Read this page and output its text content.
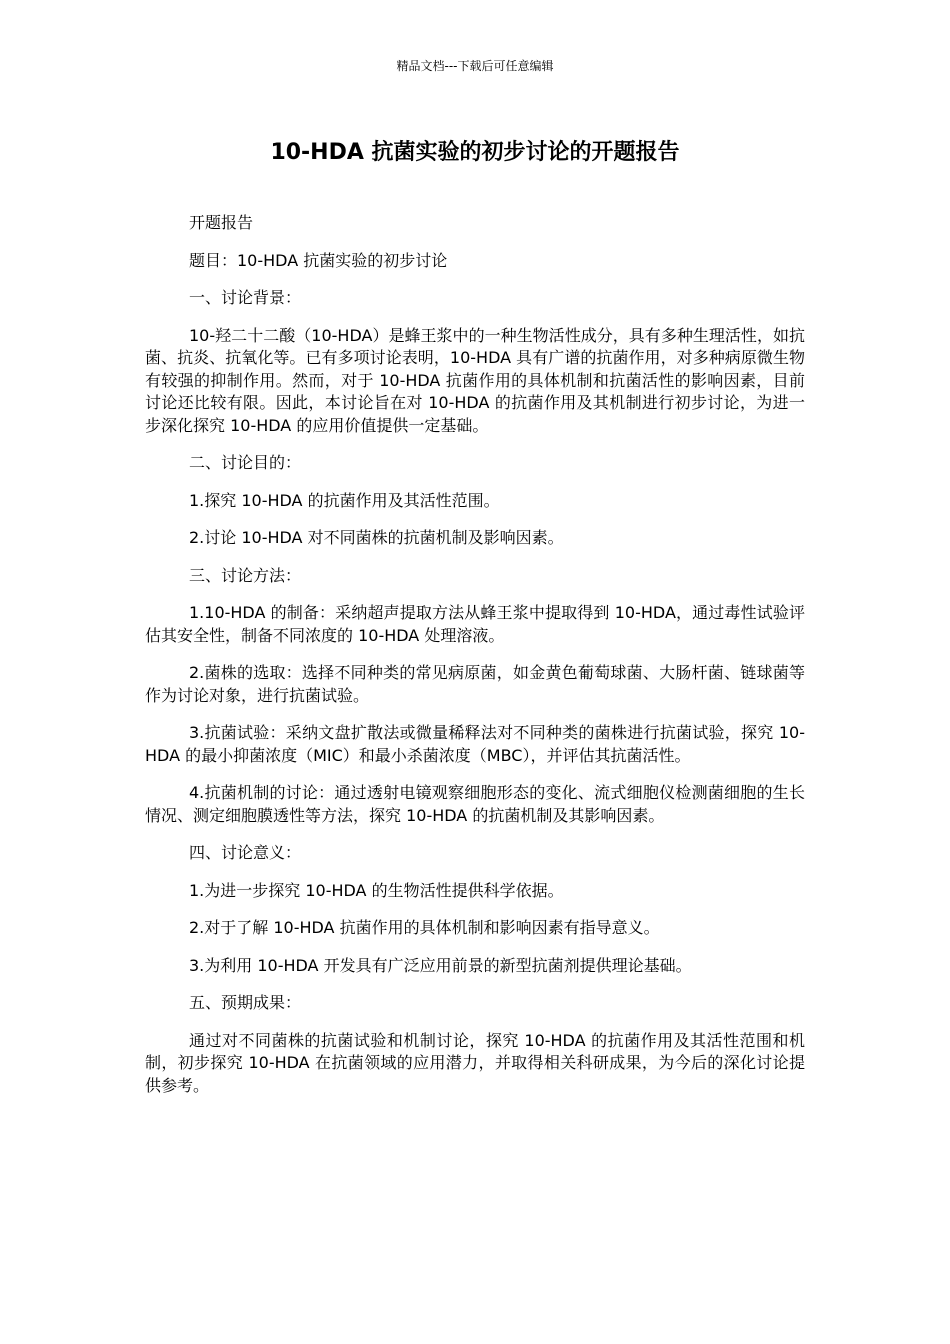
精品文档---下载后可任意编辑
10-HDA 抗菌实验的初步讨论的开题报告

开题报告

题目：10-HDA 抗菌实验的初步讨论

一、讨论背景：

10-羟二十二酸（10-HDA）是蜂王浆中的一种生物活性成分，具有多种生理活性，如抗菌、抗炎、抗氧化等。已有多项讨论表明，10-HDA 具有广谱的抗菌作用，对多种病原微生物有较强的抑制作用。然而，对于 10-HDA 抗菌作用的具体机制和抗菌活性的影响因素，目前讨论还比较有限。因此，本讨论旨在对 10-HDA 的抗菌作用及其机制进行初步讨论，为进一步深化探究 10-HDA 的应用价值提供一定基础。

二、讨论目的：

1.探究 10-HDA 的抗菌作用及其活性范围。

2.讨论 10-HDA 对不同菌株的抗菌机制及影响因素。

三、讨论方法：

1.10-HDA 的制备：采纳超声提取方法从蜂王浆中提取得到 10-HDA，通过毒性试验评估其安全性，制备不同浓度的 10-HDA 处理溶液。

2.菌株的选取：选择不同种类的常见病原菌，如金黄色葡萄球菌、大肠杆菌、链球菌等作为讨论对象，进行抗菌试验。

3.抗菌试验：采纳文盘扩散法或微量稀释法对不同种类的菌株进行抗菌试验，探究 10-HDA 的最小抑菌浓度（MIC）和最小杀菌浓度（MBC），并评估其抗菌活性。

4.抗菌机制的讨论：通过透射电镜观察细胞形态的变化、流式细胞仪检测菌细胞的生长情况、测定细胞膜透性等方法，探究 10-HDA 的抗菌机制及其影响因素。

四、讨论意义：

1.为进一步探究 10-HDA 的生物活性提供科学依据。

2.对于了解 10-HDA 抗菌作用的具体机制和影响因素有指导意义。

3.为利用 10-HDA 开发具有广泛应用前景的新型抗菌剂提供理论基础。

五、预期成果：

通过对不同菌株的抗菌试验和机制讨论，探究 10-HDA 的抗菌作用及其活性范围和机制，初步探究 10-HDA 在抗菌领域的应用潜力，并取得相关科研成果，为今后的深化讨论提供参考。
